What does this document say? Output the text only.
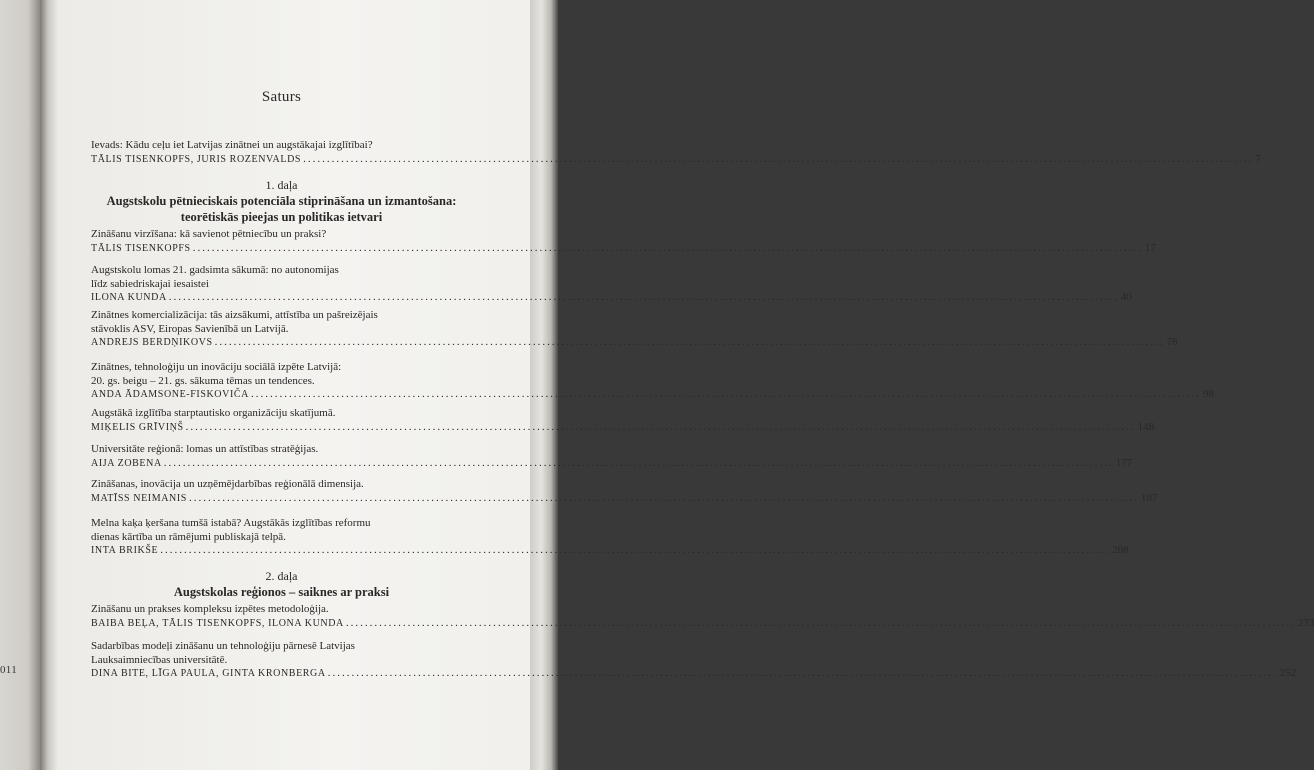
011
Saturs
Ievads: Kādu ceļu iet Latvijas zinātnei un augstākajai izglītībai?
TĀLIS TISENKOPFS, JURIS ROZENVALDS ........................................................................................................................................................................................................ 7
1. daļa
Augstskolu pētnieciskais potenciāla stiprināšana un izmantošana:
teorētiskās pieejas un politikas ietvari
Zināšanu virzīšana: kā savienot pētniecību un praksi?
TĀLIS TISENKOPFS ........................................................................................................................................................................................................ 17
Augstskolu lomas 21. gadsimta sākumā: no autonomijas
līdz sabiedriskajai iesaistei
ILONA KUNDA ........................................................................................................................................................................................................ 40
Zinātnes komercializācija: tās aizsākumi, attīstība un pašreizējais
stāvoklis ASV, Eiropas Savienībā un Latvijā.
ANDREJS BERDŅIKOVS ........................................................................................................................................................................................................ 78
Zinātnes, tehnoloģiju un inovāciju sociālā izpēte Latvijā:
20. gs. beigu – 21. gs. sākuma tēmas un tendences.
ANDA ĀDAMSONE-FISKOVIČA ........................................................................................................................................................................................................ 98
Augstākā izglītība starptautisko organizāciju skatījumā.
MIĶELIS GRĪVIŅŠ ........................................................................................................................................................................................................ 148
Universitāte reģionā: lomas un attīstības stratēģijas.
AIJA ZOBENA ........................................................................................................................................................................................................ 177
Zināšanas, inovācija un uzņēmējdarbības reģionālā dimensija.
MATĪSS NEIMANIS ........................................................................................................................................................................................................ 187
Melna kaķa ķeršana tumšā istabā? Augstākās izglītības reformu
dienas kārtība un rāmējumi publiskajā telpā.
INTA BRIKŠE ........................................................................................................................................................................................................ 208
2. daļa
Augstskolas reģionos – saiknes ar praksi
Zināšanu un prakses kompleksu izpētes metodoloģija.
BAIBA BEĻA, TĀLIS TISENKOPFS, ILONA KUNDA ........................................................................................................................................................................................................ 233
Sadarbības modeļi zināšanu un tehnoloģiju pārnesē Latvijas
Lauksaimniecības universitātē.
DINA BITE, LĪGA PAULA, GINTA KRONBERGA ........................................................................................................................................................................................................ 252
